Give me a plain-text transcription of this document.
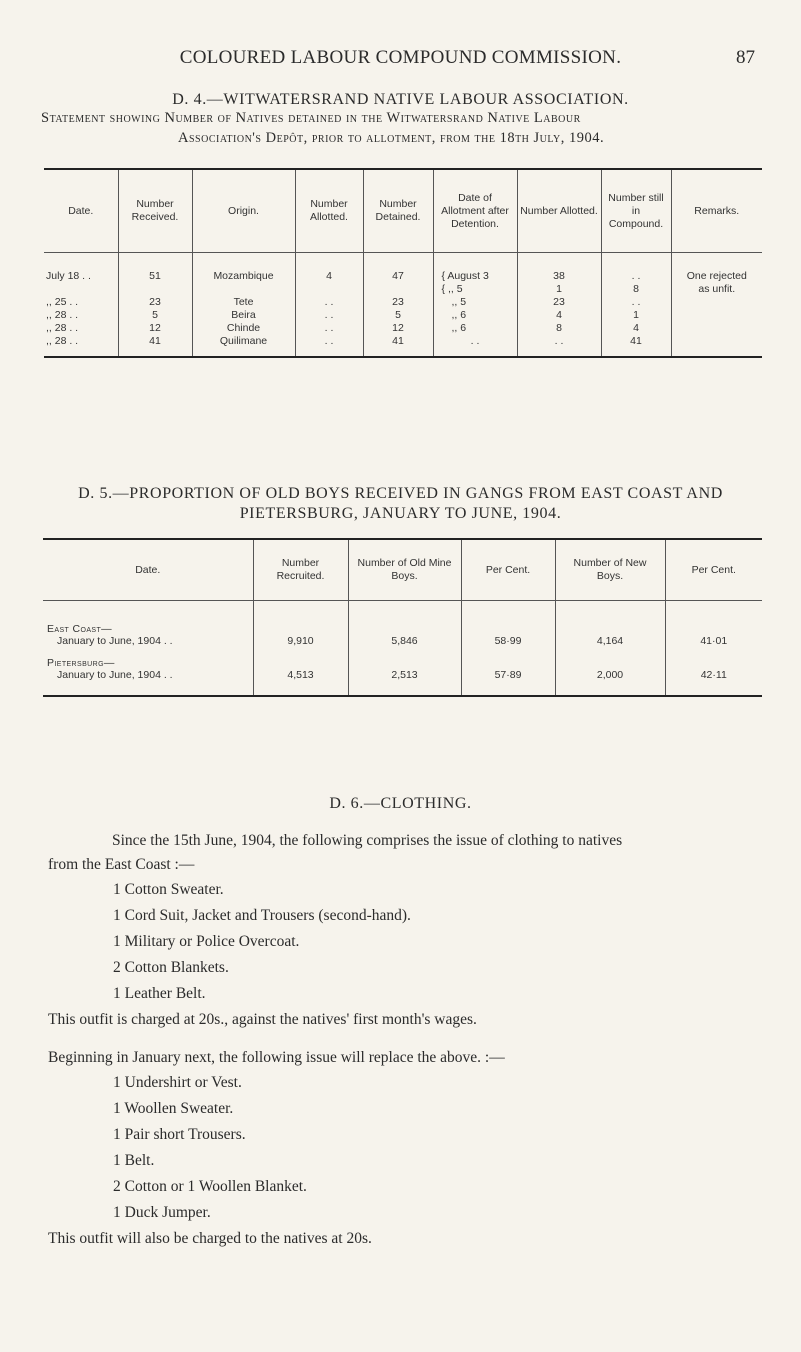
COLOURED LABOUR COMPOUND COMMISSION.	87
D. 4.—WITWATERSRAND NATIVE LABOUR ASSOCIATION.
Statement showing Number of Natives detained in the Witwatersrand Native Labour
Association's Depôt, prior to allotment, from the 18th July, 1904.
Date.	Number Received.	Origin.	Number Allotted.	Number Detained.	Date of Allotment after Detention.	Number Allotted.	Number still in Compound.	Remarks.
July 18 . .	51	Mozambique	4	47	{ August 3	38	. .	One rejected
					{ ,, 5	1	8	as unfit.
,, 25 . .	23	Tete	. .	23	,, 5	23	. .	
,, 28 . .	5	Beira	. .	5	,, 6	4	1	
,, 28 . .	12	Chinde	. .	12	,, 6	8	4	
,, 28 . .	41	Quilimane	. .	41	. .	. .	41	
D. 5.—PROPORTION OF OLD BOYS RECEIVED IN GANGS FROM EAST COAST AND
PIETERSBURG, JANUARY TO JUNE, 1904.
Date.	Number Recruited.	Number of Old Mine Boys.	Per Cent.	Number of New Boys.	Per Cent.

East Coast—
January to June, 1904 . .	9,910	5,846	58·99	4,164	41·01

Pietersburg—
January to June, 1904 . .	4,513	2,513	57·89	2,000	42·11
D. 6.—CLOTHING.
Since the 15th June, 1904, the following comprises the issue of clothing to natives
from the East Coast :—
1 Cotton Sweater.
1 Cord Suit, Jacket and Trousers (second-hand).
1 Military or Police Overcoat.
2 Cotton Blankets.
1 Leather Belt.
This outfit is charged at 20s., against the natives' first month's wages.
Beginning in January next, the following issue will replace the above. :—
1 Undershirt or Vest.
1 Woollen Sweater.
1 Pair short Trousers.
1 Belt.
2 Cotton or 1 Woollen Blanket.
1 Duck Jumper.
This outfit will also be charged to the natives at 20s.
